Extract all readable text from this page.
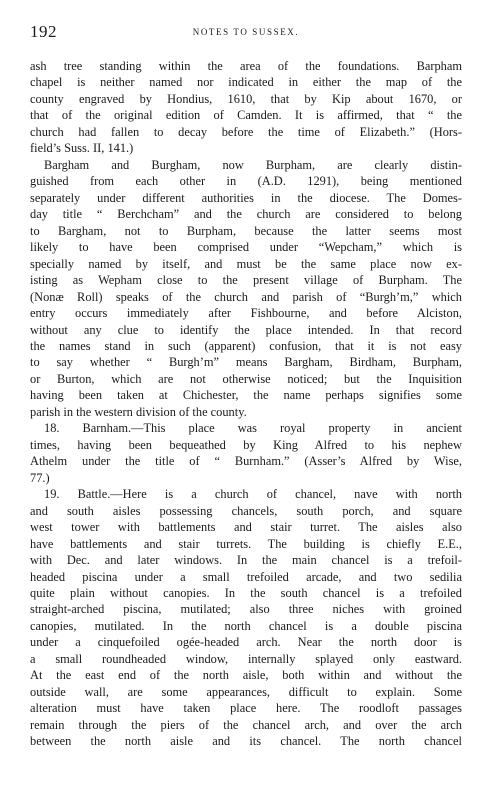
192	NOTES TO SUSSEX.
ash tree standing within the area of the foundations. Barpham
chapel is neither named nor indicated in either the map of the
county engraved by Hondius, 1610, that by Kip about 1670, or
that of the original edition of Camden. It is affirmed, that “ the
church had fallen to decay before the time of Elizabeth.” (Hors-
field’s Suss. II, 141.)
Bargham and Burgham, now Burpham, are clearly distin-
guished from each other in (A.D. 1291), being mentioned
separately under different authorities in the diocese. The Domes-
day title “ Berchcham” and the church are considered to belong
to Bargham, not to Burpham, because the latter seems most
likely to have been comprised under “Wepcham,” which is
specially named by itself, and must be the same place now ex-
isting as Wepham close to the present village of Burpham. The
(Nonæ Roll) speaks of the church and parish of “Burgh’m,” which
entry occurs immediately after Fishbourne, and before Alciston,
without any clue to identify the place intended. In that record
the names stand in such (apparent) confusion, that it is not easy
to say whether “ Burgh’m” means Bargham, Birdham, Burpham,
or Burton, which are not otherwise noticed; but the Inquisition
having been taken at Chichester, the name perhaps signifies some
parish in the western division of the county.
18. Barnham.—This place was royal property in ancient
times, having been bequeathed by King Alfred to his nephew
Athelm under the title of “ Burnham.” (Asser’s Alfred by Wise,
77.)
19. Battle.—Here is a church of chancel, nave with north
and south aisles possessing chancels, south porch, and square
west tower with battlements and stair turret. The aisles also
have battlements and stair turrets. The building is chiefly E.E.,
with Dec. and later windows. In the main chancel is a trefoil-
headed piscina under a small trefoiled arcade, and two sedilia
quite plain without canopies. In the south chancel is a trefoiled
straight-arched piscina, mutilated; also three niches with groined
canopies, mutilated. In the north chancel is a double piscina
under a cinquefoiled ogée-headed arch. Near the north door is
a small roundheaded window, internally splayed only eastward.
At the east end of the north aisle, both within and without the
outside wall, are some appearances, difficult to explain. Some
alteration must have taken place here. The roodloft passages
remain through the piers of the chancel arch, and over the arch
between the north aisle and its chancel. The north chancel
